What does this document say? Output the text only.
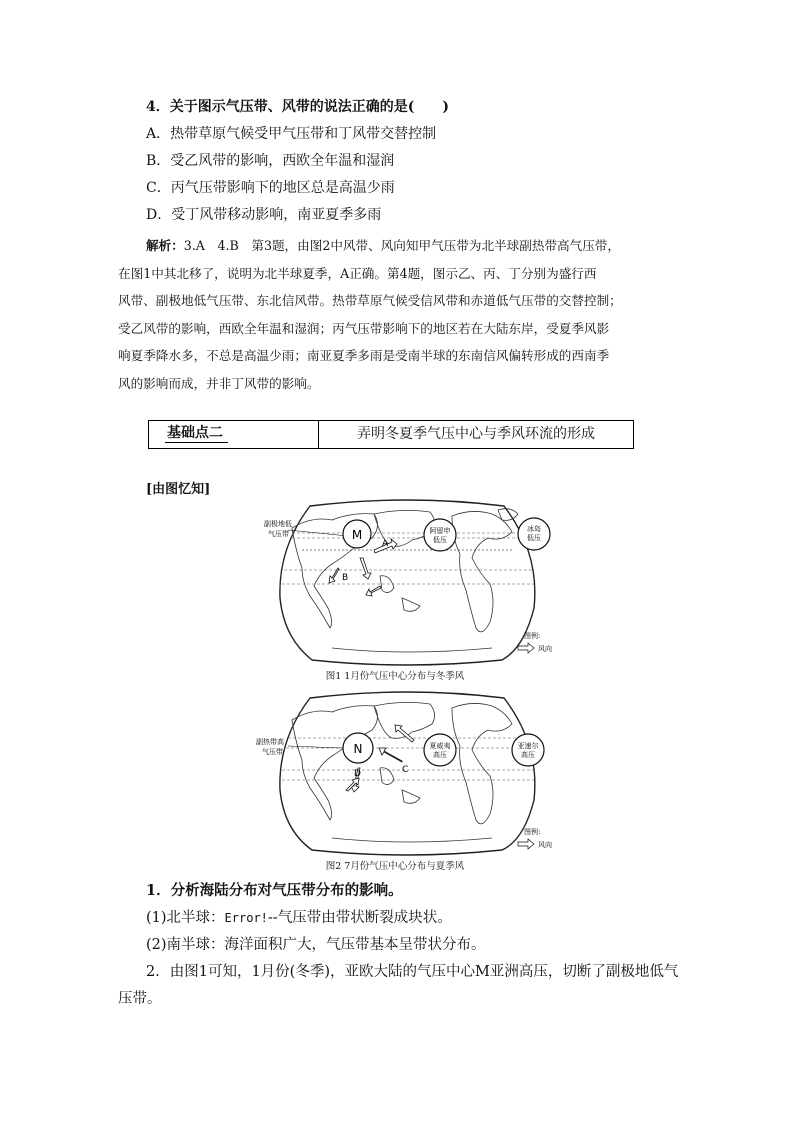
4．关于图示气压带、风带的说法正确的是(　　)
A．热带草原气候受甲气压带和丁风带交替控制
B．受乙风带的影响，西欧全年温和湿润
C．丙气压带影响下的地区总是高温少雨
D．受丁风带移动影响，南亚夏季多雨

解析：3.A　4.B　第3题，由图2中风带、风向知甲气压带为北半球副热带高气压带，

在图1中其北移了，说明为北半球夏季，A正确。第4题，图示乙、丙、丁分别为盛行西

风带、副极地低气压带、东北信风带。热带草原气候受信风带和赤道低气压带的交替控制；

受乙风带的影响，西欧全年温和湿润；丙气压带影响下的地区若在大陆东岸，受夏季风影

响夏季降水多，不总是高温少雨；南亚夏季多雨是受南半球的东南信风偏转形成的西南季

风的影响而成，并非丁风带的影响。

基础点二	弄明冬夏季气压中心与季风环流的形成
[由图忆知]
M	阿留申
低压
冰岛
低压
A
B
副极地低
气压带
图例:
风向
图1 1月份气压中心分布与冬季风
N	夏威夷
高压
亚速尔
高压
C
D
副热带高
气压带
图例:
风向
图2 7月份气压中心分布与夏季风
1．分析海陆分布对气压带分布的影响。
(1)北半球：Error!--气压带由带状断裂成块状。
(2)南半球：海洋面积广大，气压带基本呈带状分布。
2．由图1可知，1月份(冬季)，亚欧大陆的气压中心M亚洲高压，切断了副极地低气
压带。
